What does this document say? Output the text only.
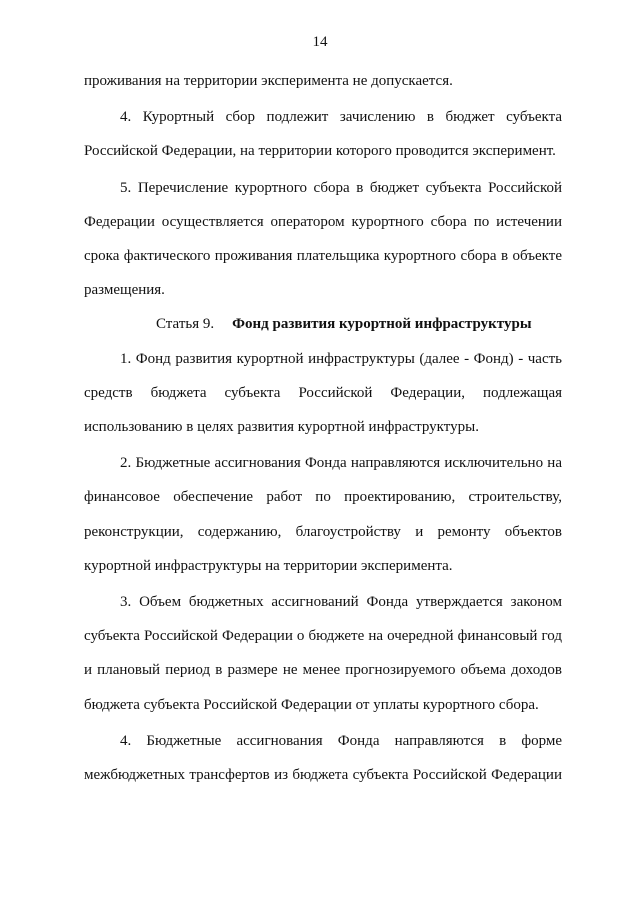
14

проживания на территории эксперимента не допускается.

4. Курортный сбор подлежит зачислению в бюджет субъекта Российской Федерации, на территории которого проводится эксперимент.

5. Перечисление курортного сбора в бюджет субъекта Российской Федерации осуществляется оператором курортного сбора по истечении срока фактического проживания плательщика курортного сбора в объекте размещения.

Статья 9. Фонд развития курортной инфраструктуры

1. Фонд развития курортной инфраструктуры (далее - Фонд) - часть средств бюджета субъекта Российской Федерации, подлежащая использованию в целях развития курортной инфраструктуры.

2. Бюджетные ассигнования Фонда направляются исключительно на финансовое обеспечение работ по проектированию, строительству, реконструкции, содержанию, благоустройству и ремонту объектов курортной инфраструктуры на территории эксперимента.

3. Объем бюджетных ассигнований Фонда утверждается законом субъекта Российской Федерации о бюджете на очередной финансовый год и плановый период в размере не менее прогнозируемого объема доходов бюджета субъекта Российской Федерации от уплаты курортного сбора.

4. Бюджетные ассигнования Фонда направляются в форме межбюджетных трансфертов из бюджета субъекта Российской Федерации
